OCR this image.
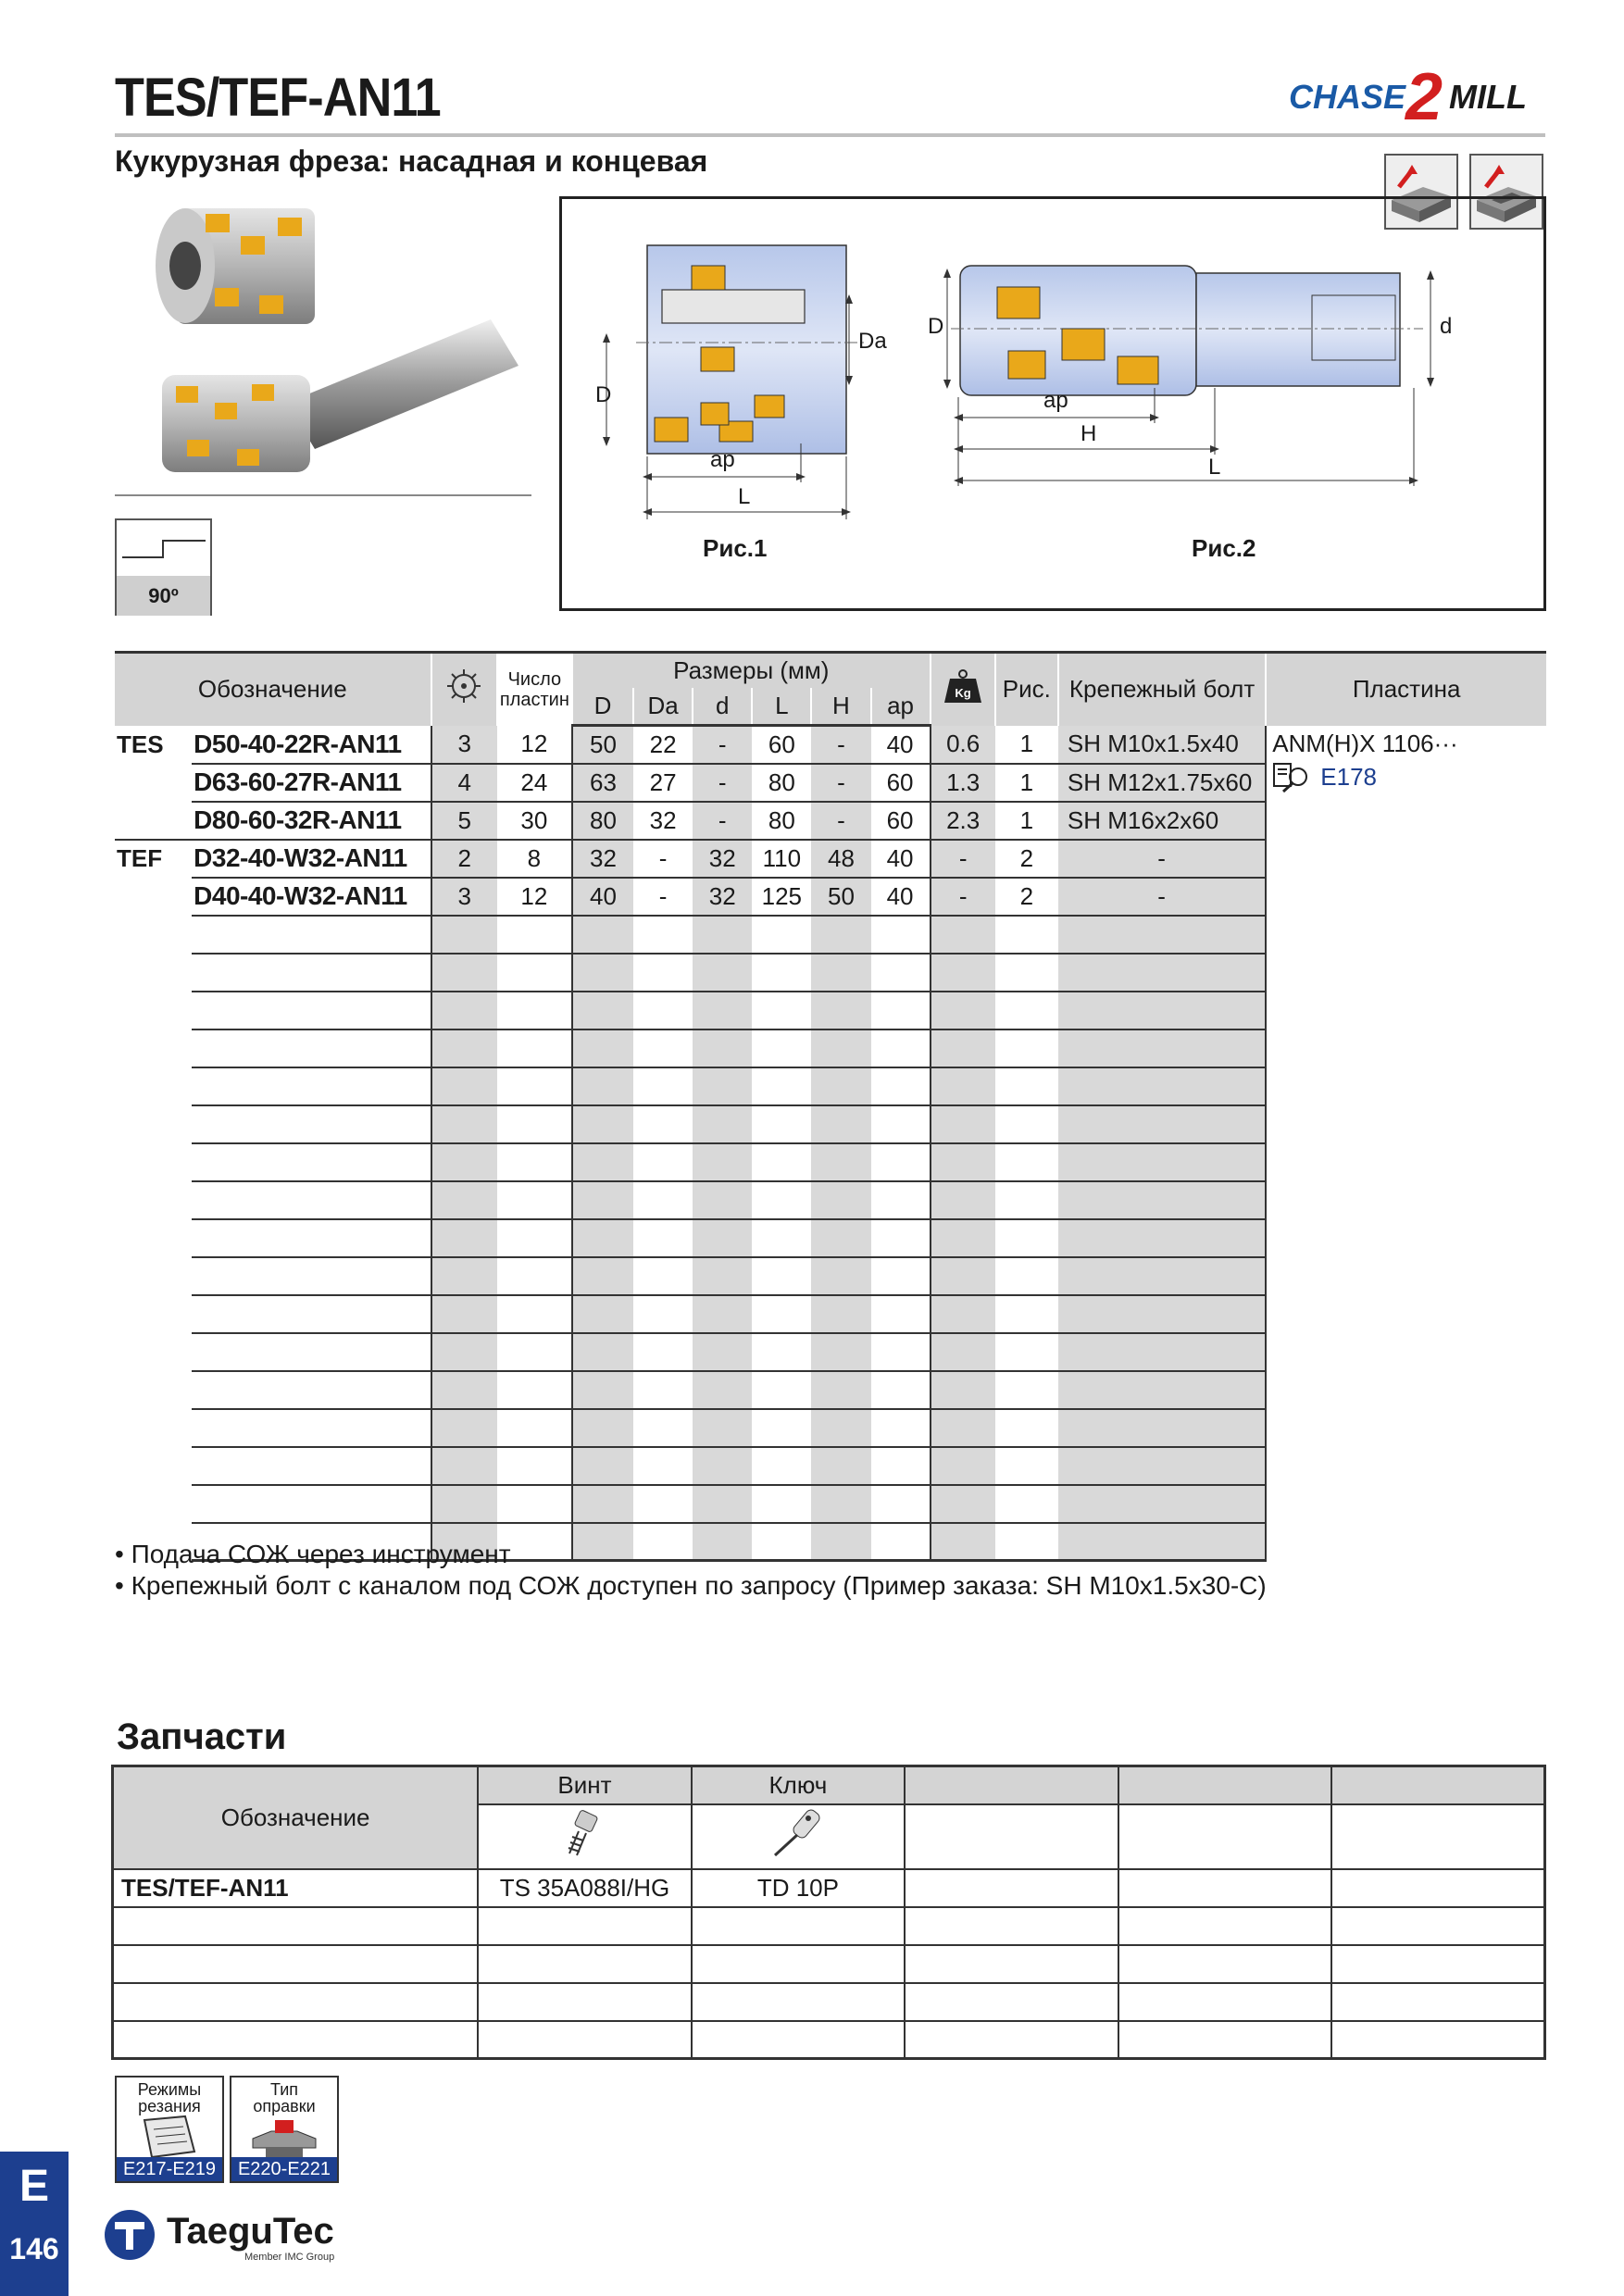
TES/TEF-AN11
Кукурузная фреза: насадная и концевая
CHASE 2 MILL
90º
D
Da
ap
L
D	d
ap
H
L
Рис.1	Рис.2
Обозначение			Число
пластин	Размеры (мм)						Kg	Рис.	Крепежный болт	Пластина
				D	Da	d	L	H	ap				
TES	D50-40-22R-AN11	3	12	50	22	-	60	-	40	0.6	1	SH M10x1.5x40	ANM(H)X 1106···
E178

	D63-60-27R-AN11	4	24	63	27	-	80	-	60	1.3	1	SH M12x1.75x60	
	D80-60-32R-AN11	5	30	80	32	-	80	-	60	2.3	1	SH M16x2x60	
TEF	D32-40-W32-AN11	2	8	32	-	32	110	48	40	-	2	-	
	D40-40-W32-AN11	3	12	40	-	32	125	50	40	-	2	-	

• Подача СОЖ через инструмент
• Крепежный болт с каналом под СОЖ доступен по запросу (Пример заказа: SH M10x1.5x30-C)
Запчасти
Обозначение	Винт	Ключ			

TES/TEF-AN11	TS 35A088I/HG	TD 10P			

Режимы
резания
E217-E219
Тип
оправки
E220-E221
E
146	TaeguTec
Member IMC Group
